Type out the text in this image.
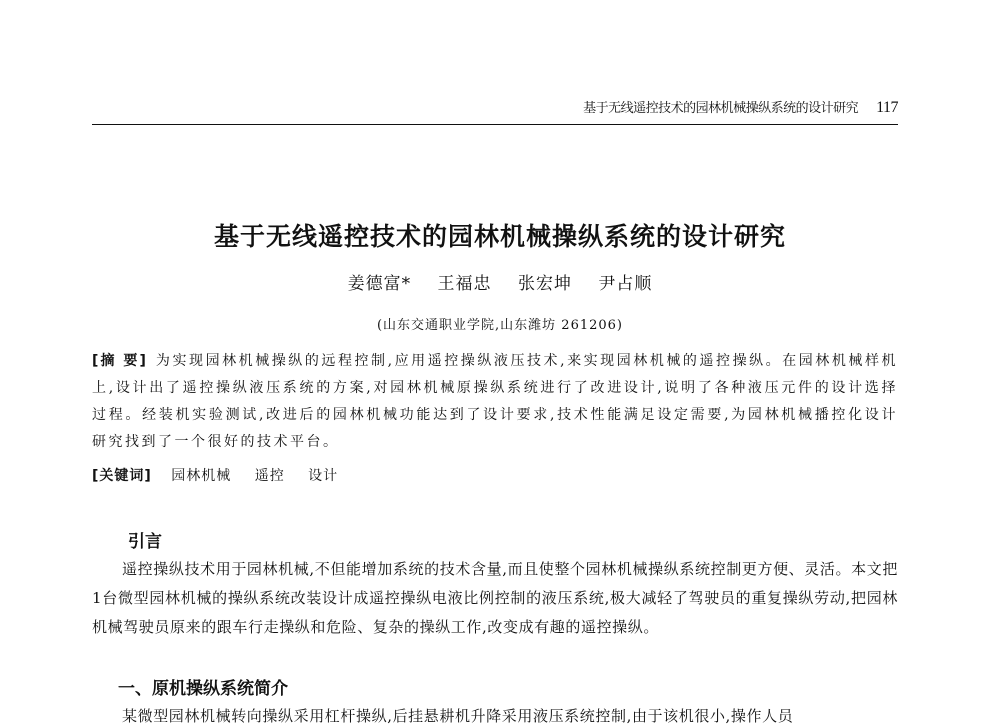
基于无线遥控技术的园林机械操纵系统的设计研究 117
基于无线遥控技术的园林机械操纵系统的设计研究
姜德富* 王福忠 张宏坤 尹占顺
(山东交通职业学院,山东潍坊 261206)
[摘 要] 为实现园林机械操纵的远程控制,应用遥控操纵液压技术,来实现园林机械的遥控操纵。在园林机械样机上,设计出了遥控操纵液压系统的方案,对园林机械原操纵系统进行了改进设计,说明了各种液压元件的设计选择过程。经装机实验测试,改进后的园林机械功能达到了设计要求,技术性能满足设定需要,为园林机械播控化设计研究找到了一个很好的技术平台。
[关键词] 园林机械 遥控 设计
引言
遥控操纵技术用于园林机械,不但能增加系统的技术含量,而且使整个园林机械操纵系统控制更方便、灵活。本文把1台微型园林机械的操纵系统改装设计成遥控操纵电液比例控制的液压系统,极大减轻了驾驶员的重复操纵劳动,把园林机械驾驶员原来的跟车行走操纵和危险、复杂的操纵工作,改变成有趣的遥控操纵。
一、原机操纵系统简介
某微型园林机械转向操纵采用杠杆操纵,后挂悬耕机升降采用液压系统控制,由于该机很小,操作人员
